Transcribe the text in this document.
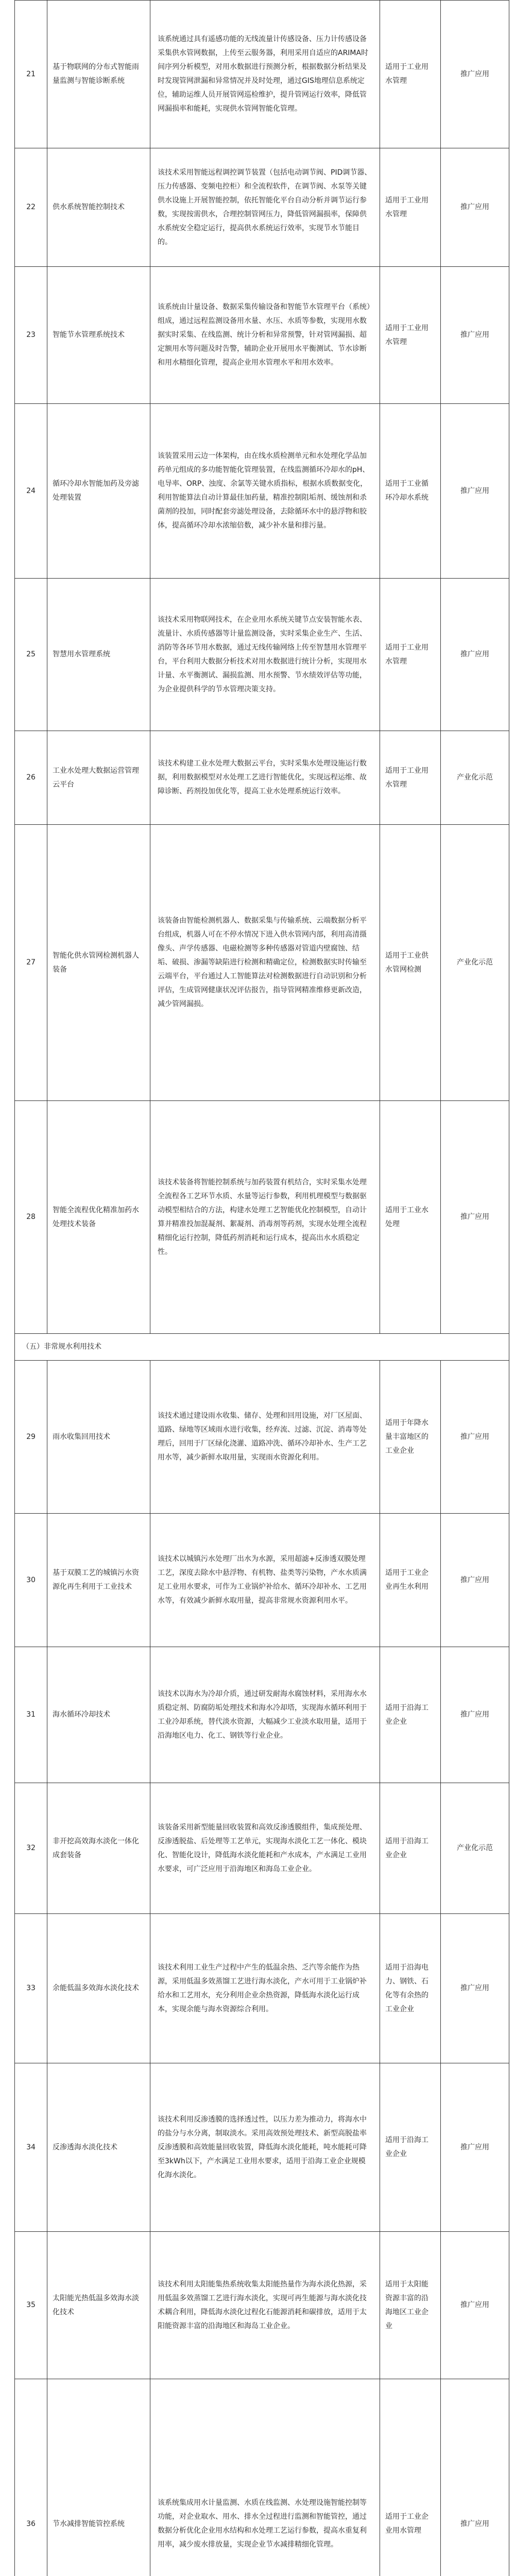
21	基于物联网的分布式智能雨量监测与智能诊断系统	该系统通过具有遥感功能的无线流量计传感设备、压力计传感设备采集供水管网数据，上传至云服务器，利用采用自适应的ARIMA时间序列分析模型，对用水数据进行预测分析，根据数据分析结果及时发现管网泄漏和异常情况并及时处理，通过GIS地理信息系统定位，辅助运维人员开展管网巡检维护，提升管网运行效率，降低管网漏损率和能耗，实现供水管网智能化管理。	适用于工业用水管理	推广应用
22	供水系统智能控制技术	该技术采用智能远程调控调节装置（包括电动调节阀、PID调节器、压力传感器、变频电控柜）和全流程软件，在调节阀、水泵等关键供水设施上开展智能控制，依托智能化平台自动分析并调节运行参数，实现按需供水，合理控制管网压力，降低管网漏损率，保障供水系统安全稳定运行，提高供水系统运行效率，实现节水节能目的。	适用于工业用水管理	推广应用
23	智能节水管理系统技术	该系统由计量设备、数据采集传输设备和智能节水管理平台（系统）组成，通过远程监测设备用水量、水压、水质等参数，实现用水数据实时采集、在线监测、统计分析和异常预警，针对管网漏损、超定额用水等问题及时告警，辅助企业开展用水平衡测试、节水诊断和用水精细化管理，提高企业用水管理水平和用水效率。	适用于工业用水管理	推广应用
24	循环冷却水智能加药及旁滤处理装置	该装置采用云边一体架构，由在线水质检测单元和水处理化学品加药单元组成的多功能智能化管理装置，在线监测循环冷却水的pH、电导率、ORP、浊度、余氯等关键水质指标，根据水质数据变化，利用智能算法自动计算最佳加药量，精准控制阻垢剂、缓蚀剂和杀菌剂的投加，同时配套旁滤处理设备，去除循环水中的悬浮物和胶体，提高循环冷却水浓缩倍数，减少补水量和排污量。	适用于工业循环冷却水系统	推广应用
25	智慧用水管理系统	该技术采用物联网技术，在企业用水系统关键节点安装智能水表、流量计、水质传感器等计量监测设备，实时采集企业生产、生活、消防等各环节用水数据，通过无线传输网络上传至智慧用水管理平台，平台利用大数据分析技术对用水数据进行统计分析，实现用水计量、水平衡测试、漏损监测、用水预警、节水绩效评估等功能，为企业提供科学的节水管理决策支持。	适用于工业用水管理	推广应用
26	工业水处理大数据运营管理云平台	该技术构建工业水处理大数据云平台，实时采集水处理设施运行数据，利用数据模型对水处理工艺进行智能优化，实现远程运维、故障诊断、药剂投加优化等，提高工业水处理系统运行效率。	适用于工业用水管理	产业化示范
27	智能化供水管网检测机器人装备	该装备由智能检测机器人、数据采集与传输系统、云端数据分析平台组成，机器人可在不停水情况下进入供水管网内部，利用高清摄像头、声学传感器、电磁检测等多种传感器对管道内壁腐蚀、结垢、破损、渗漏等缺陷进行检测和精确定位，检测数据实时传输至云端平台，平台通过人工智能算法对检测数据进行自动识别和分析评估，生成管网健康状况评估报告，指导管网精准维修更新改造，减少管网漏损。	适用于工业供水管网检测	产业化示范
28	智能全流程优化精准加药水处理技术装备	该技术装备将智能控制系统与加药装置有机结合，实时采集水处理全流程各工艺环节水质、水量等运行参数，利用机理模型与数据驱动模型相结合的方法，构建水处理工艺智能优化控制模型，自动计算并精准投加混凝剂、絮凝剂、消毒剂等药剂，实现水处理全流程精细化运行控制，降低药剂消耗和运行成本，提高出水水质稳定性。	适用于工业水处理	推广应用
（五）非常规水利用技术				
29	雨水收集回用技术	该技术通过建设雨水收集、储存、处理和回用设施，对厂区屋面、道路、绿地等区域雨水进行收集，经弃流、过滤、沉淀、消毒等处理后，回用于厂区绿化浇灌、道路冲洗、循环冷却补水、生产工艺用水等，减少新鲜水取用量，实现雨水资源化利用。	适用于年降水量丰富地区的工业企业	推广应用
30	基于双膜工艺的城镇污水资源化再生利用于工业技术	该技术以城镇污水处理厂出水为水源，采用超滤+反渗透双膜处理工艺，深度去除水中悬浮物、有机物、盐类等污染物，产水水质满足工业用水要求，可作为工业锅炉补给水、循环冷却补水、工艺用水等，有效减少新鲜水取用量，提高非常规水资源利用水平。	适用于工业企业再生水利用	推广应用
31	海水循环冷却技术	该技术以海水为冷却介质，通过研发耐海水腐蚀材料，采用海水水质稳定剂、防腐防垢处理技术和海水冷却塔，实现海水循环利用于工业冷却系统，替代淡水资源，大幅减少工业淡水取用量，适用于沿海地区电力、化工、钢铁等行业企业。	适用于沿海工业企业	推广应用
32	非开挖高效海水淡化一体化成套装备	该装备采用新型能量回收装置和高效反渗透膜组件，集成预处理、反渗透脱盐、后处理等工艺单元，实现海水淡化工艺一体化、模块化、智能化设计，降低海水淡化能耗和产水成本，产水满足工业用水要求，可广泛应用于沿海地区和海岛工业企业。	适用于沿海工业企业	产业化示范
33	余能低温多效海水淡化技术	该技术利用工业生产过程中产生的低温余热、乏汽等余能作为热源，采用低温多效蒸馏工艺进行海水淡化，产水可用于工业锅炉补给水和工艺用水，充分利用企业余热资源，降低海水淡化运行成本，实现余能与海水资源综合利用。	适用于沿海电力、钢铁、石化等有余热的工业企业	推广应用
34	反渗透海水淡化技术	该技术利用反渗透膜的选择透过性，以压力差为推动力，将海水中的盐分与水分离，制取淡水。采用高效预处理技术、新型高脱盐率反渗透膜和高效能量回收装置，降低海水淡化能耗，吨水能耗可降至3kWh以下，产水满足工业用水要求，适用于沿海工业企业规模化海水淡化。	适用于沿海工业企业	推广应用
35	太阳能光热低温多效海水淡化技术	该技术利用太阳能集热系统收集太阳能热量作为海水淡化热源，采用低温多效蒸馏工艺进行海水淡化，实现可再生能源与海水淡化技术耦合利用，降低海水淡化过程化石能源消耗和碳排放，适用于太阳能资源丰富的沿海地区和海岛工业企业。	适用于太阳能资源丰富的沿海地区工业企业	推广应用
36	节水减排智能管控系统	该系统集成用水计量监测、水质在线监测、水处理设施智能控制等功能，对企业取水、用水、排水全过程进行监测和智能管控，通过数据分析优化企业用水结构和水处理工艺运行参数，提高水重复利用率，减少废水排放量，实现企业节水减排精细化管理。	适用于工业企业用水管理	推广应用
